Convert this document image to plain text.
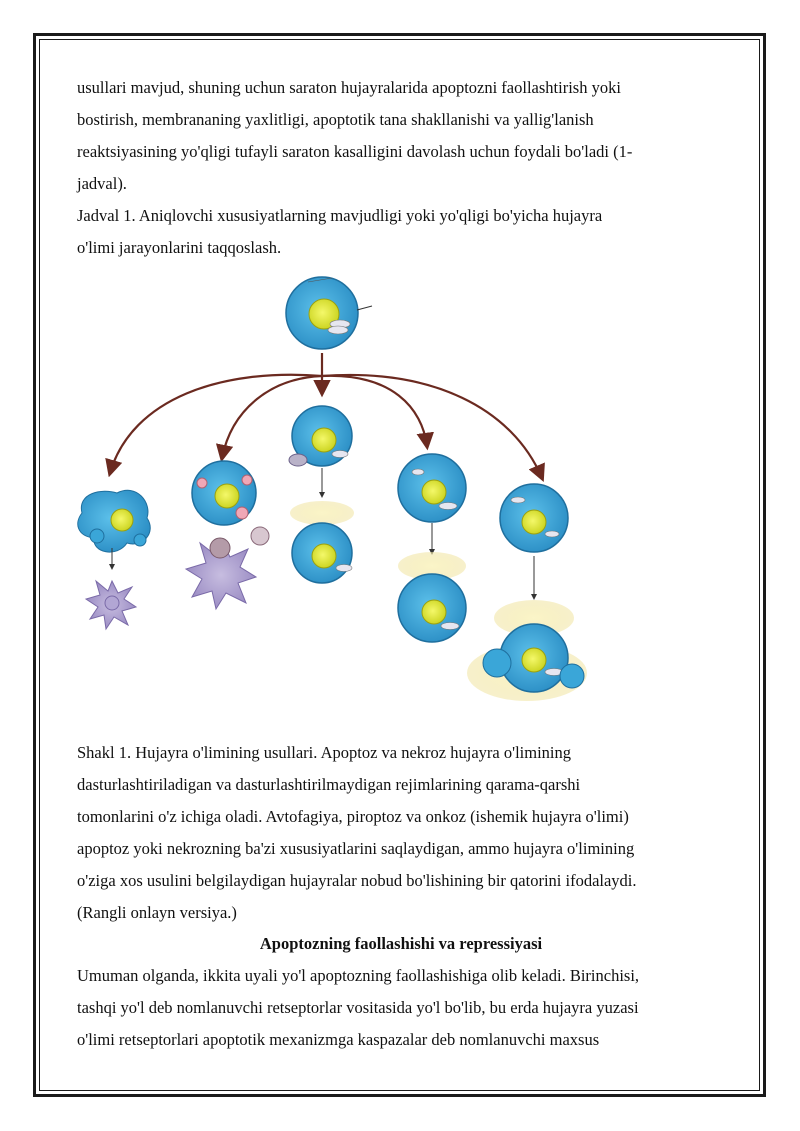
usullari mavjud, shuning uchun saraton hujayralarida apoptozni faollashtirish yoki

bostirish, membrananing yaxlitligi, apoptotik tana shakllanishi va yallig'lanish

reaktsiyasining yo'qligi tufayli saraton kasalligini davolash uchun foydali bo'ladi (1-

jadval).

Jadval 1. Aniqlovchi xususiyatlarning mavjudligi yoki yo'qligi bo'yicha hujayra

o'limi jarayonlarini taqqoslash.

Shakl 1. Hujayra o'limining usullari. Apoptoz va nekroz hujayra o'limining

dasturlashtiriladigan va dasturlashtirilmaydigan rejimlarining qarama-qarshi

tomonlarini o'z ichiga oladi. Avtofagiya, piroptoz va onkoz (ishemik hujayra o'limi)

apoptoz yoki nekrozning ba'zi xususiyatlarini saqlaydigan, ammo hujayra o'limining

o'ziga xos usulini belgilaydigan hujayralar nobud bo'lishining bir qatorini ifodalaydi.

(Rangli onlayn versiya.)

Apoptozning faollashishi va repressiyasi

Umuman olganda, ikkita uyali yo'l apoptozning faollashishiga olib keladi. Birinchisi,

tashqi yo'l deb nomlanuvchi retseptorlar vositasida yo'l bo'lib, bu erda hujayra yuzasi

o'limi retseptorlari apoptotik mexanizmga kaspazalar deb nomlanuvchi maxsus
